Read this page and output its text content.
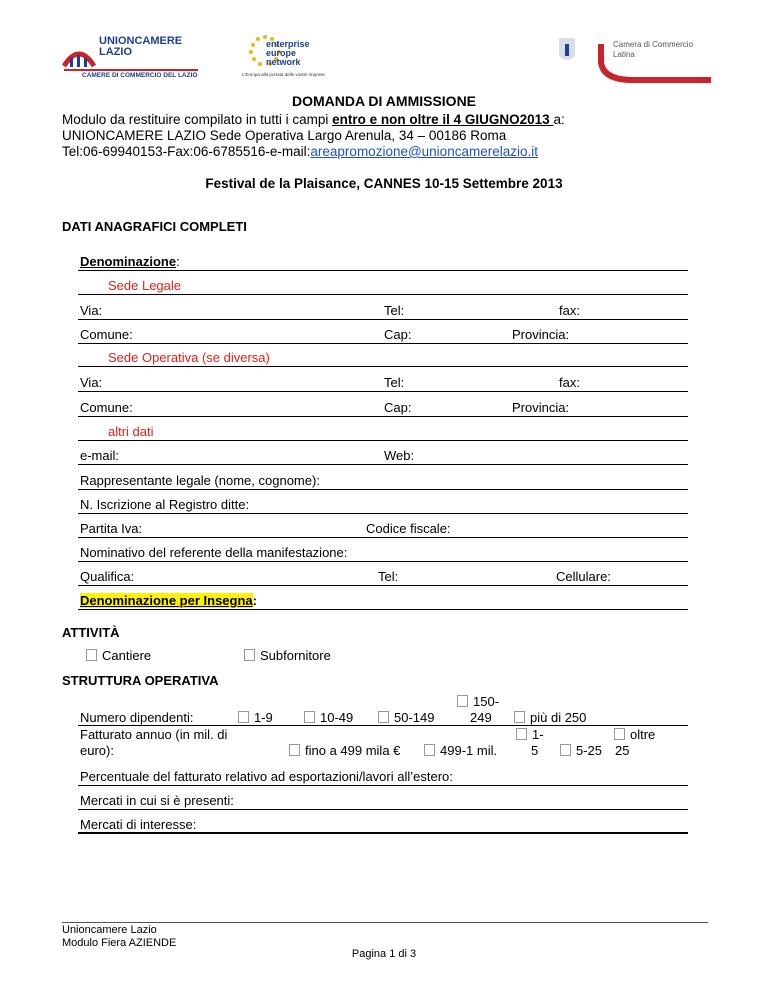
UNIONCAMERE
LAZIO
CAMERE DI COMMERCIO DEL LAZIO
enterprise
europe
network
L'Europa alla portata delle vostre imprese
Camera di Commercio
Latina
DOMANDA DI AMMISSIONE
Modulo da restituire compilato in tutti i campi entro e non oltre il 4 GIUGNO2013 a:
UNIONCAMERE LAZIO Sede Operativa Largo Arenula, 34 – 00186 Roma
Tel:06-69940153-Fax:06-6785516-e-mail:areapromozione@unioncamerelazio.it
Festival de la Plaisance, CANNES 10-15 Settembre 2013
DATI ANAGRAFICI COMPLETI
Denominazione:
Sede Legale
Via:	Tel:	fax:
Comune:	Cap:	Provincia:
Sede Operativa (se diversa)
Via:	Tel:	fax:
Comune:	Cap:	Provincia:
altri dati
e-mail:	Web:
Rappresentante legale (nome, cognome):
N. Iscrizione al Registro ditte:
Partita Iva:	Codice fiscale:
Nominativo del referente della manifestazione:
Qualifica:	Tel:	Cellulare:
Denominazione per Insegna:
ATTIVITÀ
Cantiere	Subfornitore
STRUTTURA OPERATIVA
Numero dipendenti:	1-9	10-49	50-149
150-
249	più di 250
Fatturato annuo (in mil. di
euro):	fino a 499 mila €	499-1 mil.
1-
5	5-25
oltre
25
Percentuale del fatturato relativo ad esportazioni/lavori all’estero:
Mercati in cui si è presenti:
Mercati di interesse:
Unioncamere Lazio
Modulo Fiera AZIENDE
Pagina 1 di 3
